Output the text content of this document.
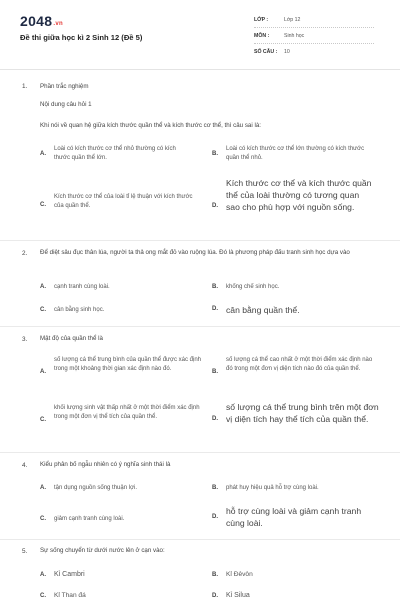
2048.vn
Đề thi giữa học kì 2 Sinh 12 (Đề 5)
LỚP :	Lớp 12
MÔN :	Sinh học
SỐ CÂU :	10
1. Phần trắc nghiệm
Nội dung câu hỏi 1
Khi nói về quan hệ giữa kích thước quần thể và kích thước cơ thể, thì câu sai là:
A.
Loài có kích thước cơ thể nhỏ thường có kích thước quần thể lớn.
B.
Loài có kích thước cơ thể lớn thường có kích thước quần thể nhỏ.
C.
Kích thước cơ thể của loài tỉ lệ thuận với kích thước của quần thể.	D.
Kích thước cơ thể và kích thước quần thể của loài thường có tương quan sao cho phù hợp với nguồn sống.
2. Để diệt sâu đục thân lúa, người ta thả ong mắt đỏ vào ruộng lúa. Đó là phương pháp đấu tranh sinh học dựa vào
A. cạnh tranh cùng loài.	B. khống chế sinh học.
C. cân bằng sinh học.	D. cân bằng quần thể.
3. Mật độ của quần thể là
A.
số lượng cá thể trung bình của quần thể được xác định trong một khoảng thời gian xác định nào đó.
B.
số lượng cá thể cao nhất ở một thời điểm xác định nào đó trong một đơn vị diện tích nào đó của quần thể.
C.
khối lượng sinh vật thấp nhất ở một thời điểm xác định trong một đơn vị thể tích của quần thể.	D.
số lượng cá thể trung bình trên một đơn vị diện tích hay thể tích của quần thể.
4. Kiểu phân bố ngẫu nhiên có ý nghĩa sinh thái là
A. tận dụng nguồn sống thuận lợi.	B. phát huy hiệu quả hỗ trợ cùng loài.
C. giảm cạnh tranh cùng loài.	D.
hỗ trợ cùng loài và giảm cạnh tranh cùng loài.
5. Sự sống chuyển từ dưới nước lên ở cạn vào:
A. Kỉ Cambri	B. Kỉ Đêvôn
C. Kỉ Than đá	D. Kỉ Silua
